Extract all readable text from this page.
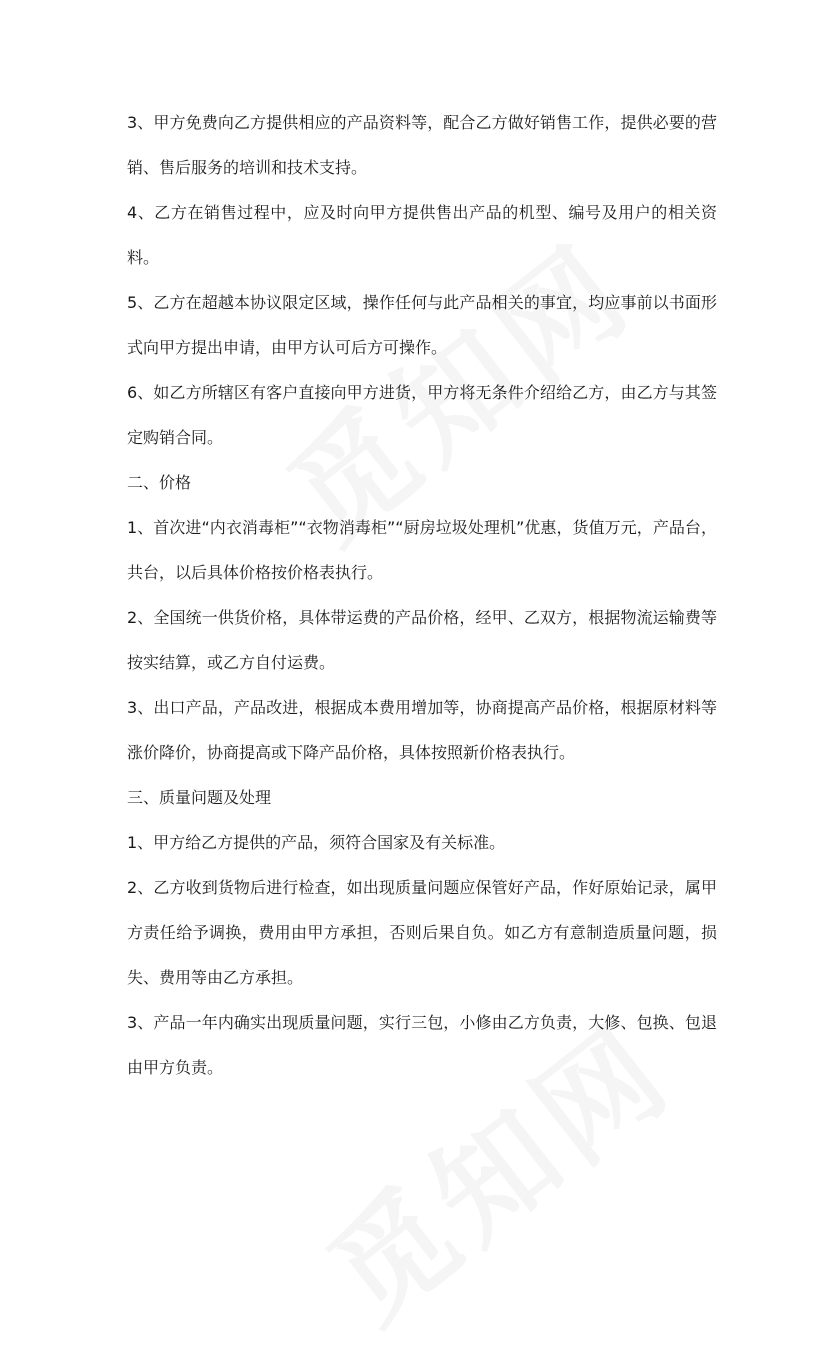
3、甲方免费向乙方提供相应的产品资料等，配合乙方做好销售工作，提供必要的营销、售后服务的培训和技术支持。

4、乙方在销售过程中，应及时向甲方提供售出产品的机型、编号及用户的相关资料。

5、乙方在超越本协议限定区域，操作任何与此产品相关的事宜，均应事前以书面形式向甲方提出申请，由甲方认可后方可操作。

6、如乙方所辖区有客户直接向甲方进货，甲方将无条件介绍给乙方，由乙方与其签定购销合同。

二、价格

1、首次进“内衣消毒柜”“衣物消毒柜”“厨房垃圾处理机”优惠，货值万元，产品台，共台，以后具体价格按价格表执行。

2、全国统一供货价格，具体带运费的产品价格，经甲、乙双方，根据物流运输费等按实结算，或乙方自付运费。

3、出口产品，产品改进，根据成本费用增加等，协商提高产品价格，根据原材料等涨价降价，协商提高或下降产品价格，具体按照新价格表执行。

三、质量问题及处理

1、甲方给乙方提供的产品，须符合国家及有关标准。

2、乙方收到货物后进行检查，如出现质量问题应保管好产品，作好原始记录，属甲方责任给予调换，费用由甲方承担，否则后果自负。如乙方有意制造质量问题，损失、费用等由乙方承担。

3、产品一年内确实出现质量问题，实行三包，小修由乙方负责，大修、包换、包退由甲方负责。
